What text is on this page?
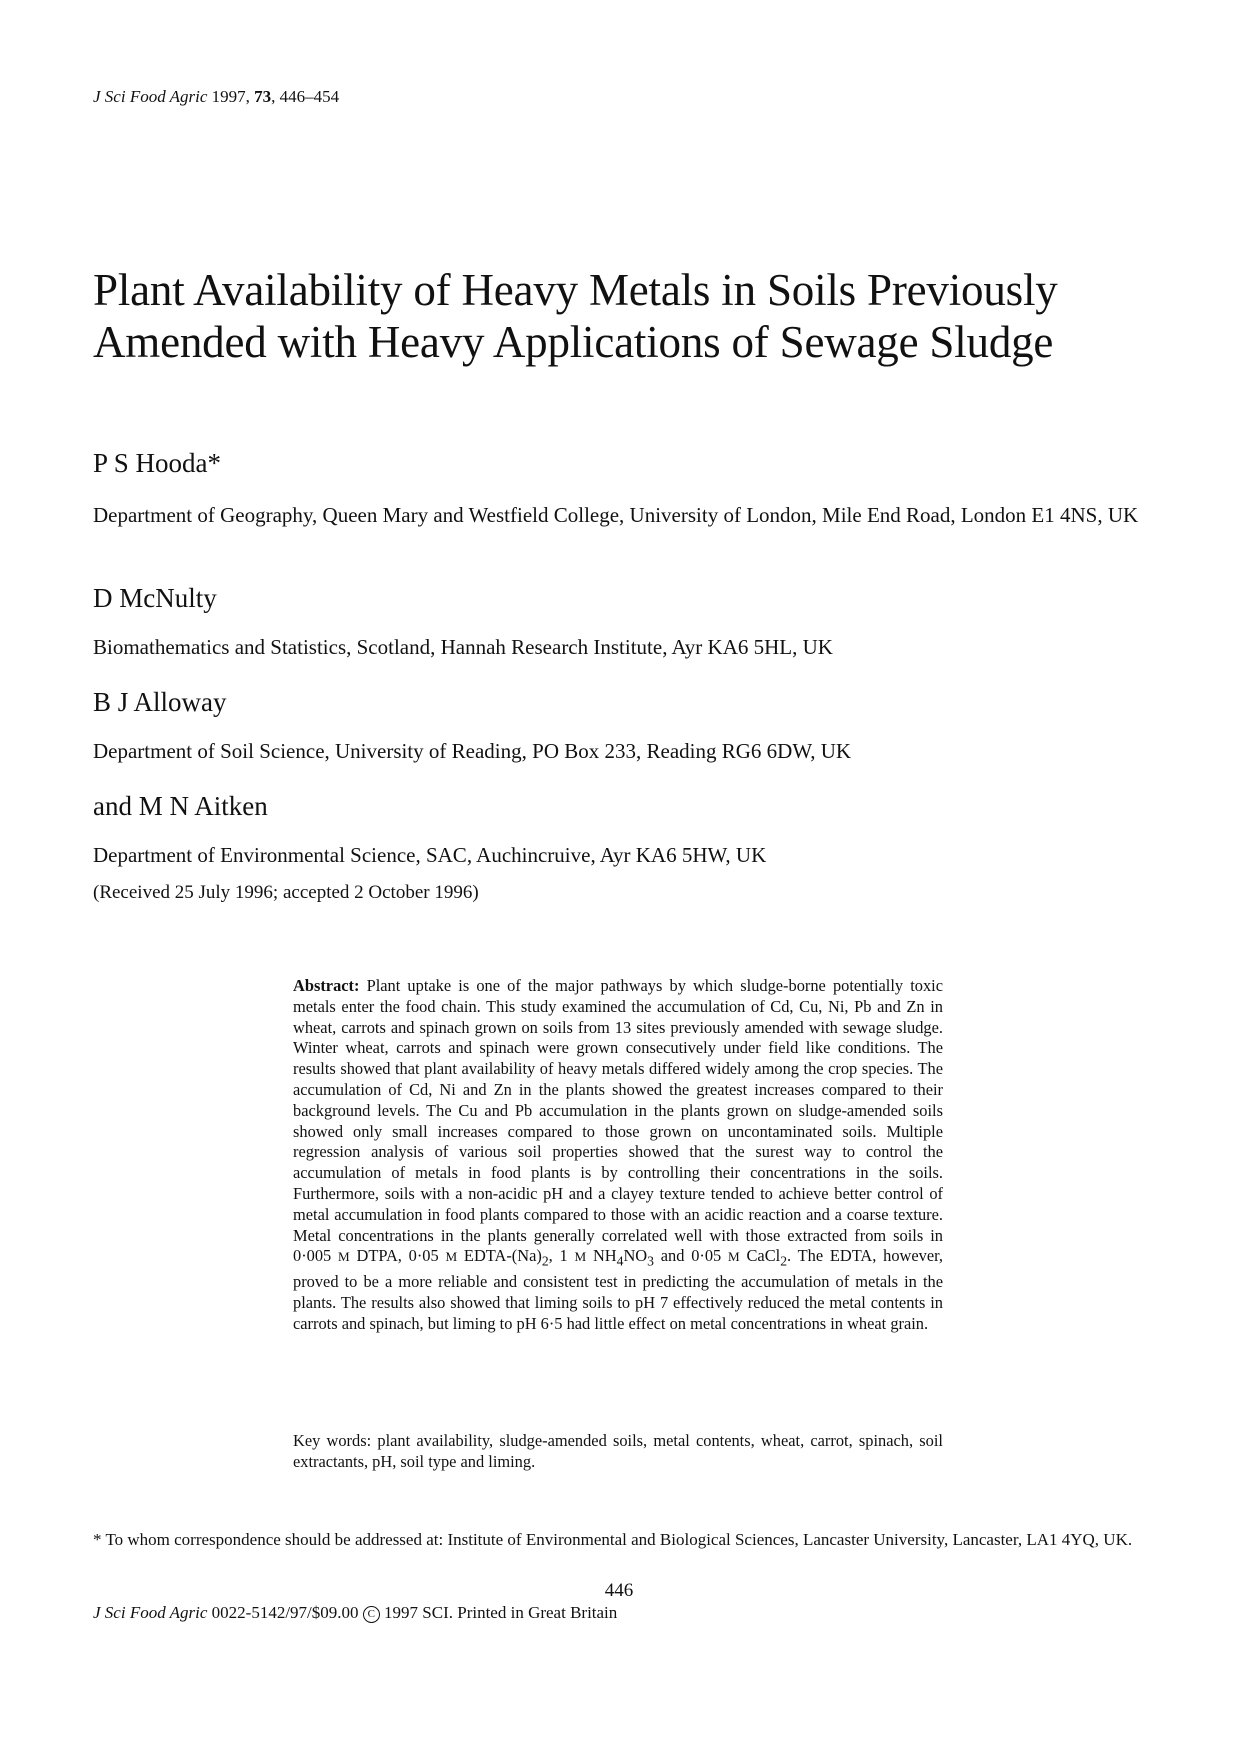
J Sci Food Agric 1997, 73, 446–454
Plant Availability of Heavy Metals in Soils Previously Amended with Heavy Applications of Sewage Sludge
P S Hooda*

Department of Geography, Queen Mary and Westfield College, University of London, Mile End Road, London E1 4NS, UK

D McNulty

Biomathematics and Statistics, Scotland, Hannah Research Institute, Ayr KA6 5HL, UK

B J Alloway

Department of Soil Science, University of Reading, PO Box 233, Reading RG6 6DW, UK

and M N Aitken

Department of Environmental Science, SAC, Auchincruive, Ayr KA6 5HW, UK

(Received 25 July 1996; accepted 2 October 1996)

Abstract: Plant uptake is one of the major pathways by which sludge-borne potentially toxic metals enter the food chain. This study examined the accumulation of Cd, Cu, Ni, Pb and Zn in wheat, carrots and spinach grown on soils from 13 sites previously amended with sewage sludge. Winter wheat, carrots and spinach were grown consecutively under field like conditions. The results showed that plant availability of heavy metals differed widely among the crop species. The accumulation of Cd, Ni and Zn in the plants showed the greatest increases compared to their background levels. The Cu and Pb accumulation in the plants grown on sludge-amended soils showed only small increases compared to those grown on uncontaminated soils. Multiple regression analysis of various soil properties showed that the surest way to control the accumulation of metals in food plants is by controlling their concentrations in the soils. Furthermore, soils with a non-acidic pH and a clayey texture tended to achieve better control of metal accumulation in food plants compared to those with an acidic reaction and a coarse texture. Metal concentrations in the plants generally correlated well with those extracted from soils in 0·005 M DTPA, 0·05 M EDTA-$(Na)_2$, 1 M $NH_4NO_3$ and 0·05 M CaCl$_2$. The EDTA, however, proved to be a more reliable and consistent test in predicting the accumulation of metals in the plants. The results also showed that liming soils to pH 7 effectively reduced the metal contents in carrots and spinach, but liming to pH 6·5 had little effect on metal concentrations in wheat grain.

Key words: plant availability, sludge-amended soils, metal contents, wheat, carrot, spinach, soil extractants, pH, soil type and liming.

* To whom correspondence should be addressed at: Institute of Environmental and Biological Sciences, Lancaster University, Lancaster, LA1 4YQ, UK.

446
J Sci Food Agric 0022-5142/97/$09.00 C 1997 SCI. Printed in Great Britain
